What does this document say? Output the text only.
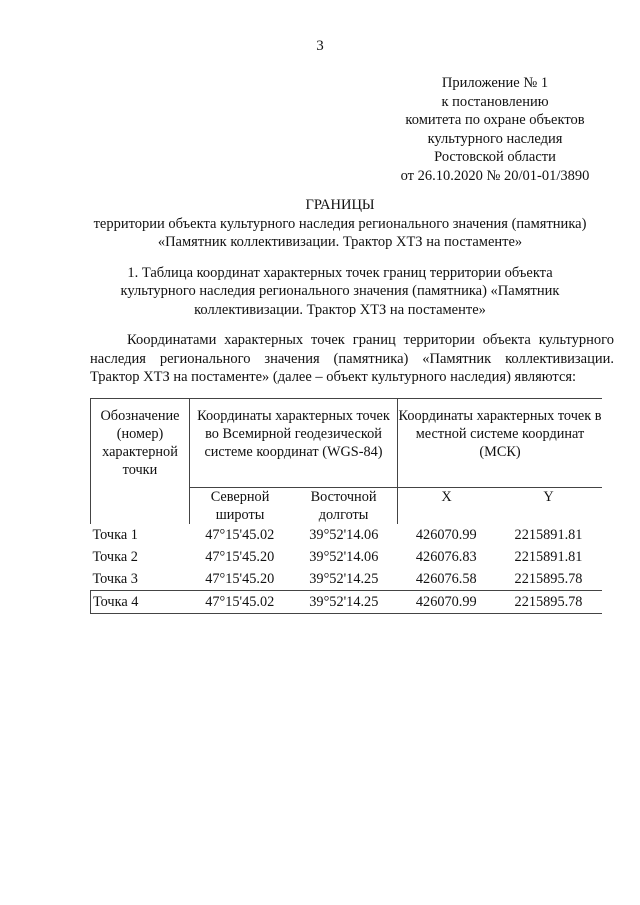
3
Приложение № 1
к постановлению
комитета по охране объектов
культурного наследия
Ростовской области
от 26.10.2020 № 20/01-01/3890
ГРАНИЦЫ
территории объекта культурного наследия регионального значения (памятника)
«Памятник коллективизации. Трактор ХТЗ на постаменте»
1. Таблица координат характерных точек границ территории объекта
культурного наследия регионального значения (памятника) «Памятник
коллективизации. Трактор ХТЗ на постаменте»
Координатами характерных точек границ территории объекта культурного
наследия регионального значения (памятника) «Памятник коллективизации.
Трактор ХТЗ на постаменте» (далее – объект культурного наследия) являются:
Обозначение (номер) характерной точки	Координаты характерных точек во Всемирной геодезической системе координат (WGS-84)		Координаты характерных точек в местной системе координат (МСК)	
	Северной широты	Восточной долготы	X	Y
Точка 1	47°15'45.02	39°52'14.06	426070.99	2215891.81
Точка 2	47°15'45.20	39°52'14.06	426076.83	2215891.81
Точка 3	47°15'45.20	39°52'14.25	426076.58	2215895.78
Точка 4	47°15'45.02	39°52'14.25	426070.99	2215895.78
